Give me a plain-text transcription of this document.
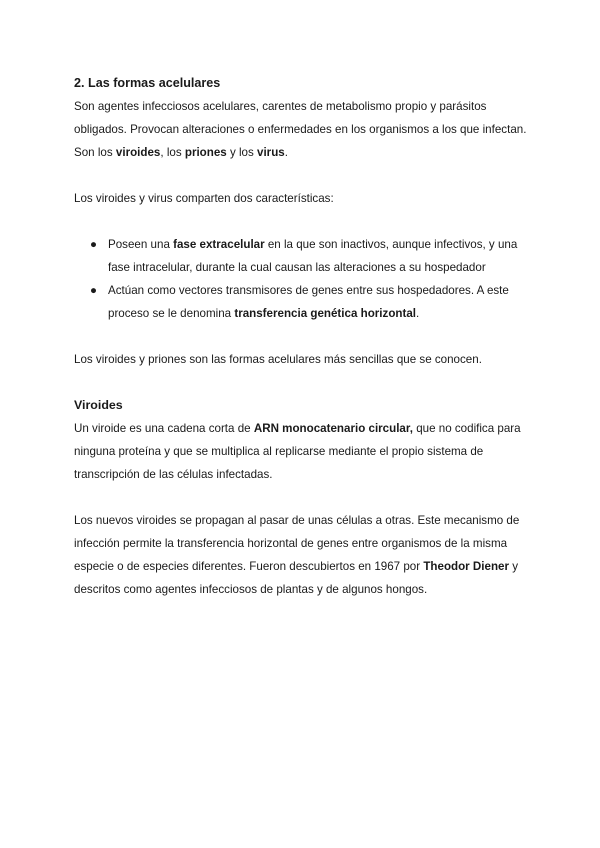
2. Las formas acelulares

Son agentes infecciosos acelulares, carentes de metabolismo propio y parásitos obligados. Provocan alteraciones o enfermedades en los organismos a los que infectan. Son los viroides, los priones y los virus.

Los viroides y virus comparten dos características:

● Poseen una fase extracelular en la que son inactivos, aunque infectivos, y una fase intracelular, durante la cual causan las alteraciones a su hospedador
● Actúan como vectores transmisores de genes entre sus hospedadores. A este proceso se le denomina transferencia genética horizontal.

Los viroides y priones son las formas acelulares más sencillas que se conocen.

Viroides

Un viroide es una cadena corta de ARN monocatenario circular, que no codifica para ninguna proteína y que se multiplica al replicarse mediante el propio sistema de transcripción de las células infectadas.

Los nuevos viroides se propagan al pasar de unas células a otras. Este mecanismo de infección permite la transferencia horizontal de genes entre organismos de la misma especie o de especies diferentes. Fueron descubiertos en 1967 por Theodor Diener y descritos como agentes infecciosos de plantas y de algunos hongos.
